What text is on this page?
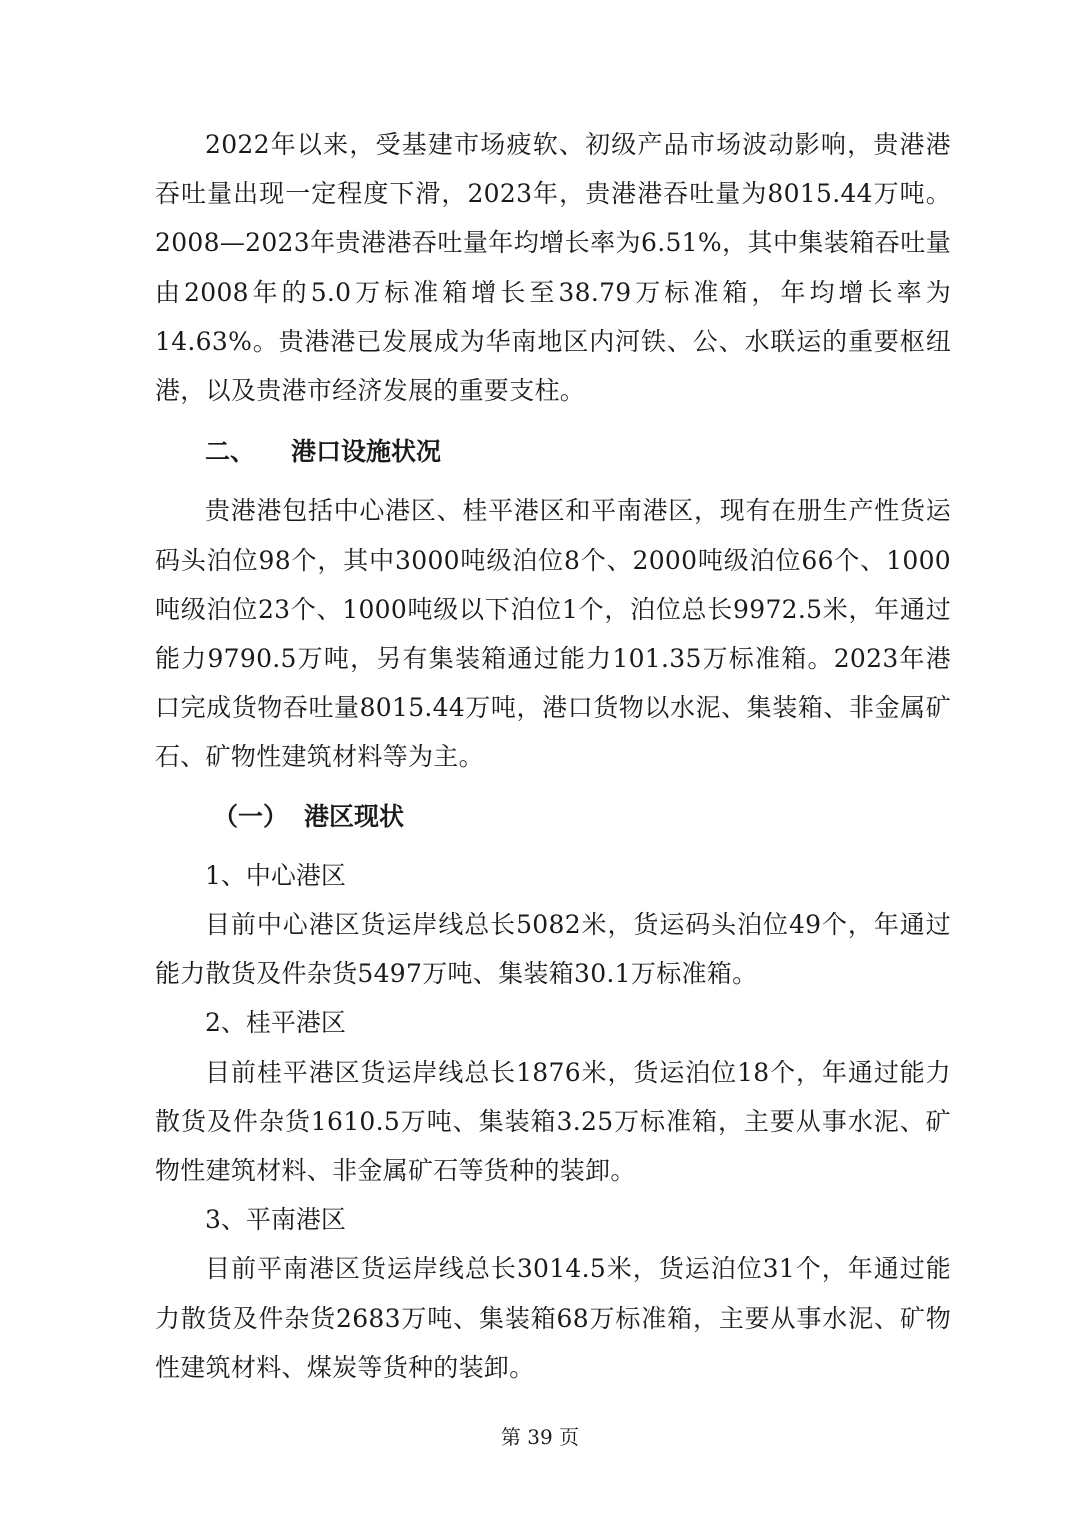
2022年以来，受基建市场疲软、初级产品市场波动影响，贵港港吞吐量出现一定程度下滑，2023年，贵港港吞吐量为8015.44万吨。2008—2023年贵港港吞吐量年均增长率为6.51%，其中集装箱吞吐量由2008年的5.0万标准箱增长至38.79万标准箱，年均增长率为14.63%。贵港港已发展成为华南地区内河铁、公、水联运的重要枢纽港，以及贵港市经济发展的重要支柱。

二、 港口设施状况

贵港港包括中心港区、桂平港区和平南港区，现有在册生产性货运码头泊位98个，其中3000吨级泊位8个、2000吨级泊位66个、1000吨级泊位23个、1000吨级以下泊位1个，泊位总长9972.5米，年通过能力9790.5万吨，另有集装箱通过能力101.35万标准箱。2023年港口完成货物吞吐量8015.44万吨，港口货物以水泥、集装箱、非金属矿石、矿物性建筑材料等为主。

（一） 港区现状

1、中心港区

目前中心港区货运岸线总长5082米，货运码头泊位49个，年通过能力散货及件杂货5497万吨、集装箱30.1万标准箱。

2、桂平港区

目前桂平港区货运岸线总长1876米，货运泊位18个，年通过能力散货及件杂货1610.5万吨、集装箱3.25万标准箱，主要从事水泥、矿物性建筑材料、非金属矿石等货种的装卸。

3、平南港区

目前平南港区货运岸线总长3014.5米，货运泊位31个，年通过能力散货及件杂货2683万吨、集装箱68万标准箱，主要从事水泥、矿物性建筑材料、煤炭等货种的装卸。

第 39 页
